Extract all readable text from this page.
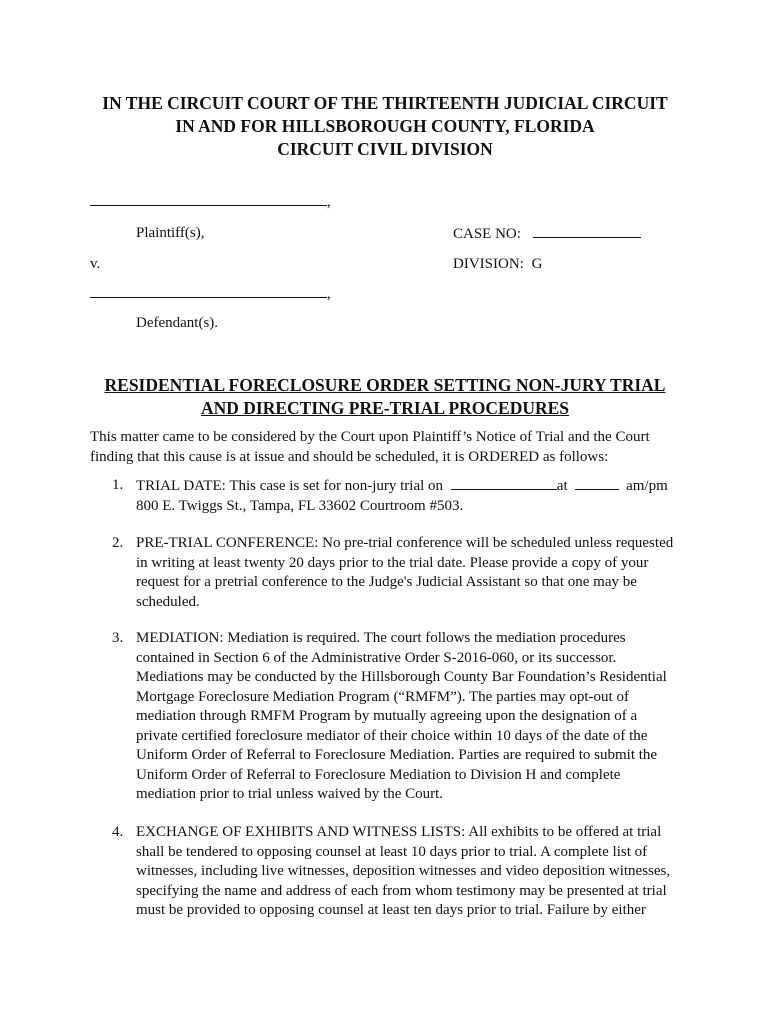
IN THE CIRCUIT COURT OF THE THIRTEENTH JUDICIAL CIRCUIT
IN AND FOR HILLSBOROUGH COUNTY, FLORIDA
CIRCUIT CIVIL DIVISION
,
Plaintiff(s),
v.
,
Defendant(s).
CASE NO:
DIVISION: G
RESIDENTIAL FORECLOSURE ORDER SETTING NON-JURY TRIAL
AND DIRECTING PRE-TRIAL PROCEDURES
This matter came to be considered by the Court upon Plaintiff’s Notice of Trial and the Court
finding that this cause is at issue and should be scheduled, it is ORDERED as follows:
1. TRIAL DATE: This case is set for non-jury trial on	at	am/pm
800 E. Twiggs St., Tampa, FL 33602 Courtroom #503.
2. PRE-TRIAL CONFERENCE: No pre-trial conference will be scheduled unless requested
in writing at least twenty 20 days prior to the trial date. Please provide a copy of your
request for a pretrial conference to the Judge's Judicial Assistant so that one may be
scheduled.
3. MEDIATION: Mediation is required. The court follows the mediation procedures
contained in Section 6 of the Administrative Order S-2016-060, or its successor.
Mediations may be conducted by the Hillsborough County Bar Foundation’s Residential
Mortgage Foreclosure Mediation Program (“RMFM”). The parties may opt-out of
mediation through RMFM Program by mutually agreeing upon the designation of a
private certified foreclosure mediator of their choice within 10 days of the date of the
Uniform Order of Referral to Foreclosure Mediation. Parties are required to submit the
Uniform Order of Referral to Foreclosure Mediation to Division H and complete
mediation prior to trial unless waived by the Court.
4. EXCHANGE OF EXHIBITS AND WITNESS LISTS: All exhibits to be offered at trial
shall be tendered to opposing counsel at least 10 days prior to trial. A complete list of
witnesses, including live witnesses, deposition witnesses and video deposition witnesses,
specifying the name and address of each from whom testimony may be presented at trial
must be provided to opposing counsel at least ten days prior to trial. Failure by either
